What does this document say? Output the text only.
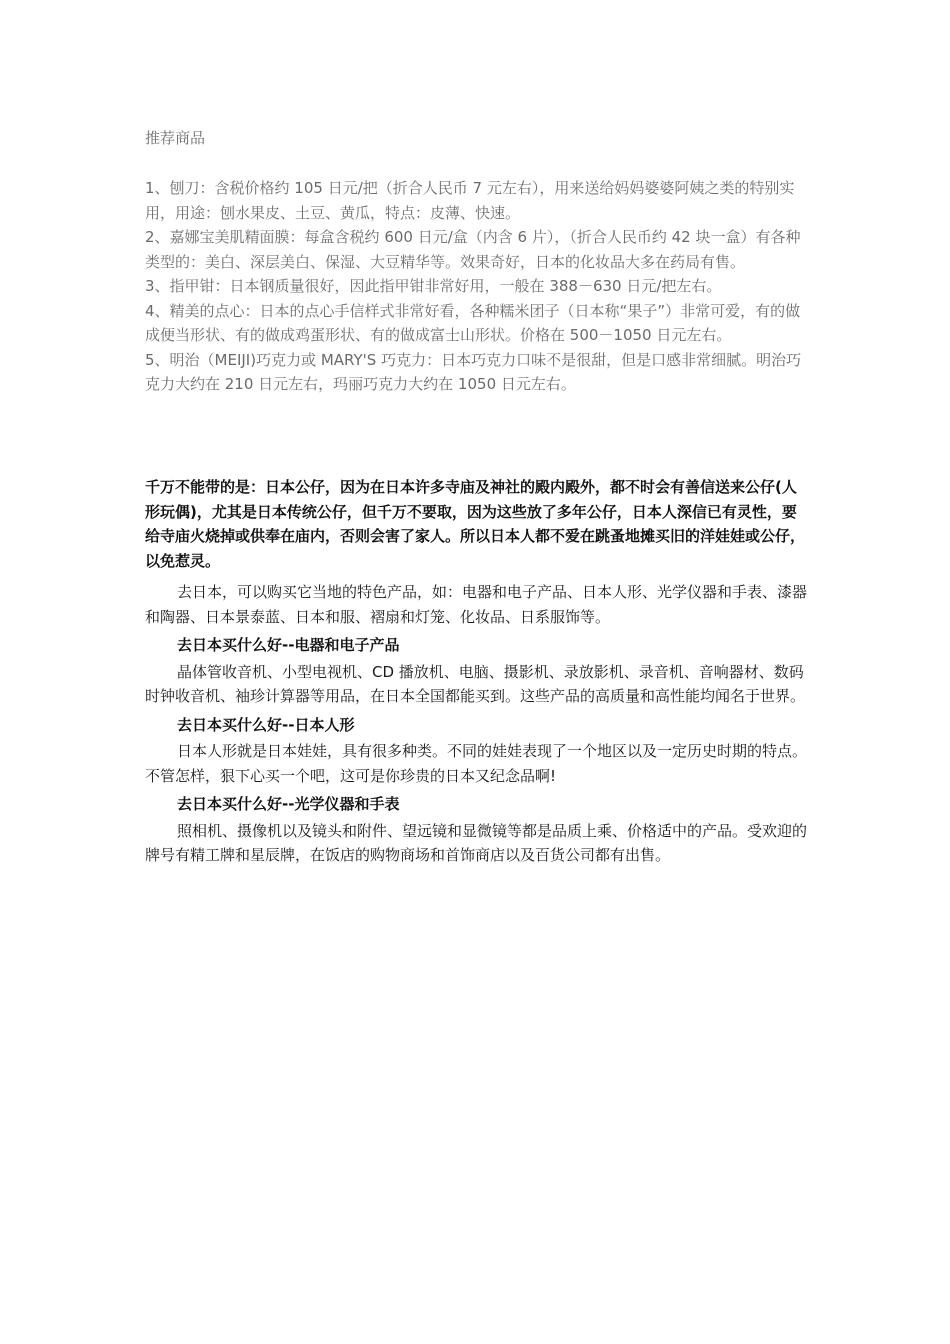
推荐商品

1、刨刀：含税价格约 105 日元/把（折合人民币 7 元左右），用来送给妈妈婆婆阿姨之类的特别实用，用途：刨水果皮、土豆、黄瓜，特点：皮薄、快速。

2、嘉娜宝美肌精面膜：每盒含税约 600 日元/盒（内含 6 片），（折合人民币约 42 块一盒）有各种类型的：美白、深层美白、保湿、大豆精华等。效果奇好，日本的化妆品大多在药局有售。

3、指甲钳：日本钢质量很好，因此指甲钳非常好用，一般在 388－630 日元/把左右。

4、精美的点心：日本的点心手信样式非常好看，各种糯米团子（日本称“果子”）非常可爱，有的做成便当形状、有的做成鸡蛋形状、有的做成富士山形状。价格在 500－1050 日元左右。

5、明治（MEIJI)巧克力或 MARY'S 巧克力：日本巧克力口味不是很甜，但是口感非常细腻。明治巧克力大约在 210 日元左右，玛丽巧克力大约在 1050 日元左右。

千万不能带的是：日本公仔，因为在日本许多寺庙及神社的殿内殿外，都不时会有善信送来公仔(人形玩偶)，尤其是日本传统公仔，但千万不要取，因为这些放了多年公仔，日本人深信已有灵性，要给寺庙火烧掉或供奉在庙内，否则会害了家人。所以日本人都不爱在跳蚤地摊买旧的洋娃娃或公仔，以免惹灵。

去日本，可以购买它当地的特色产品，如：电器和电子产品、日本人形、光学仪器和手表、漆器和陶器、日本景泰蓝、日本和服、褶扇和灯笼、化妆品、日系服饰等。

去日本买什么好--电器和电子产品

晶体管收音机、小型电视机、CD 播放机、电脑、摄影机、录放影机、录音机、音响器材、数码时钟收音机、袖珍计算器等用品，在日本全国都能买到。这些产品的高质量和高性能均闻名于世界。

去日本买什么好--日本人形

日本人形就是日本娃娃，具有很多种类。不同的娃娃表现了一个地区以及一定历史时期的特点。不管怎样，狠下心买一个吧，这可是你珍贵的日本又纪念品啊!

去日本买什么好--光学仪器和手表

照相机、摄像机以及镜头和附件、望远镜和显微镜等都是品质上乘、价格适中的产品。受欢迎的牌号有精工牌和星辰牌，在饭店的购物商场和首饰商店以及百货公司都有出售。
